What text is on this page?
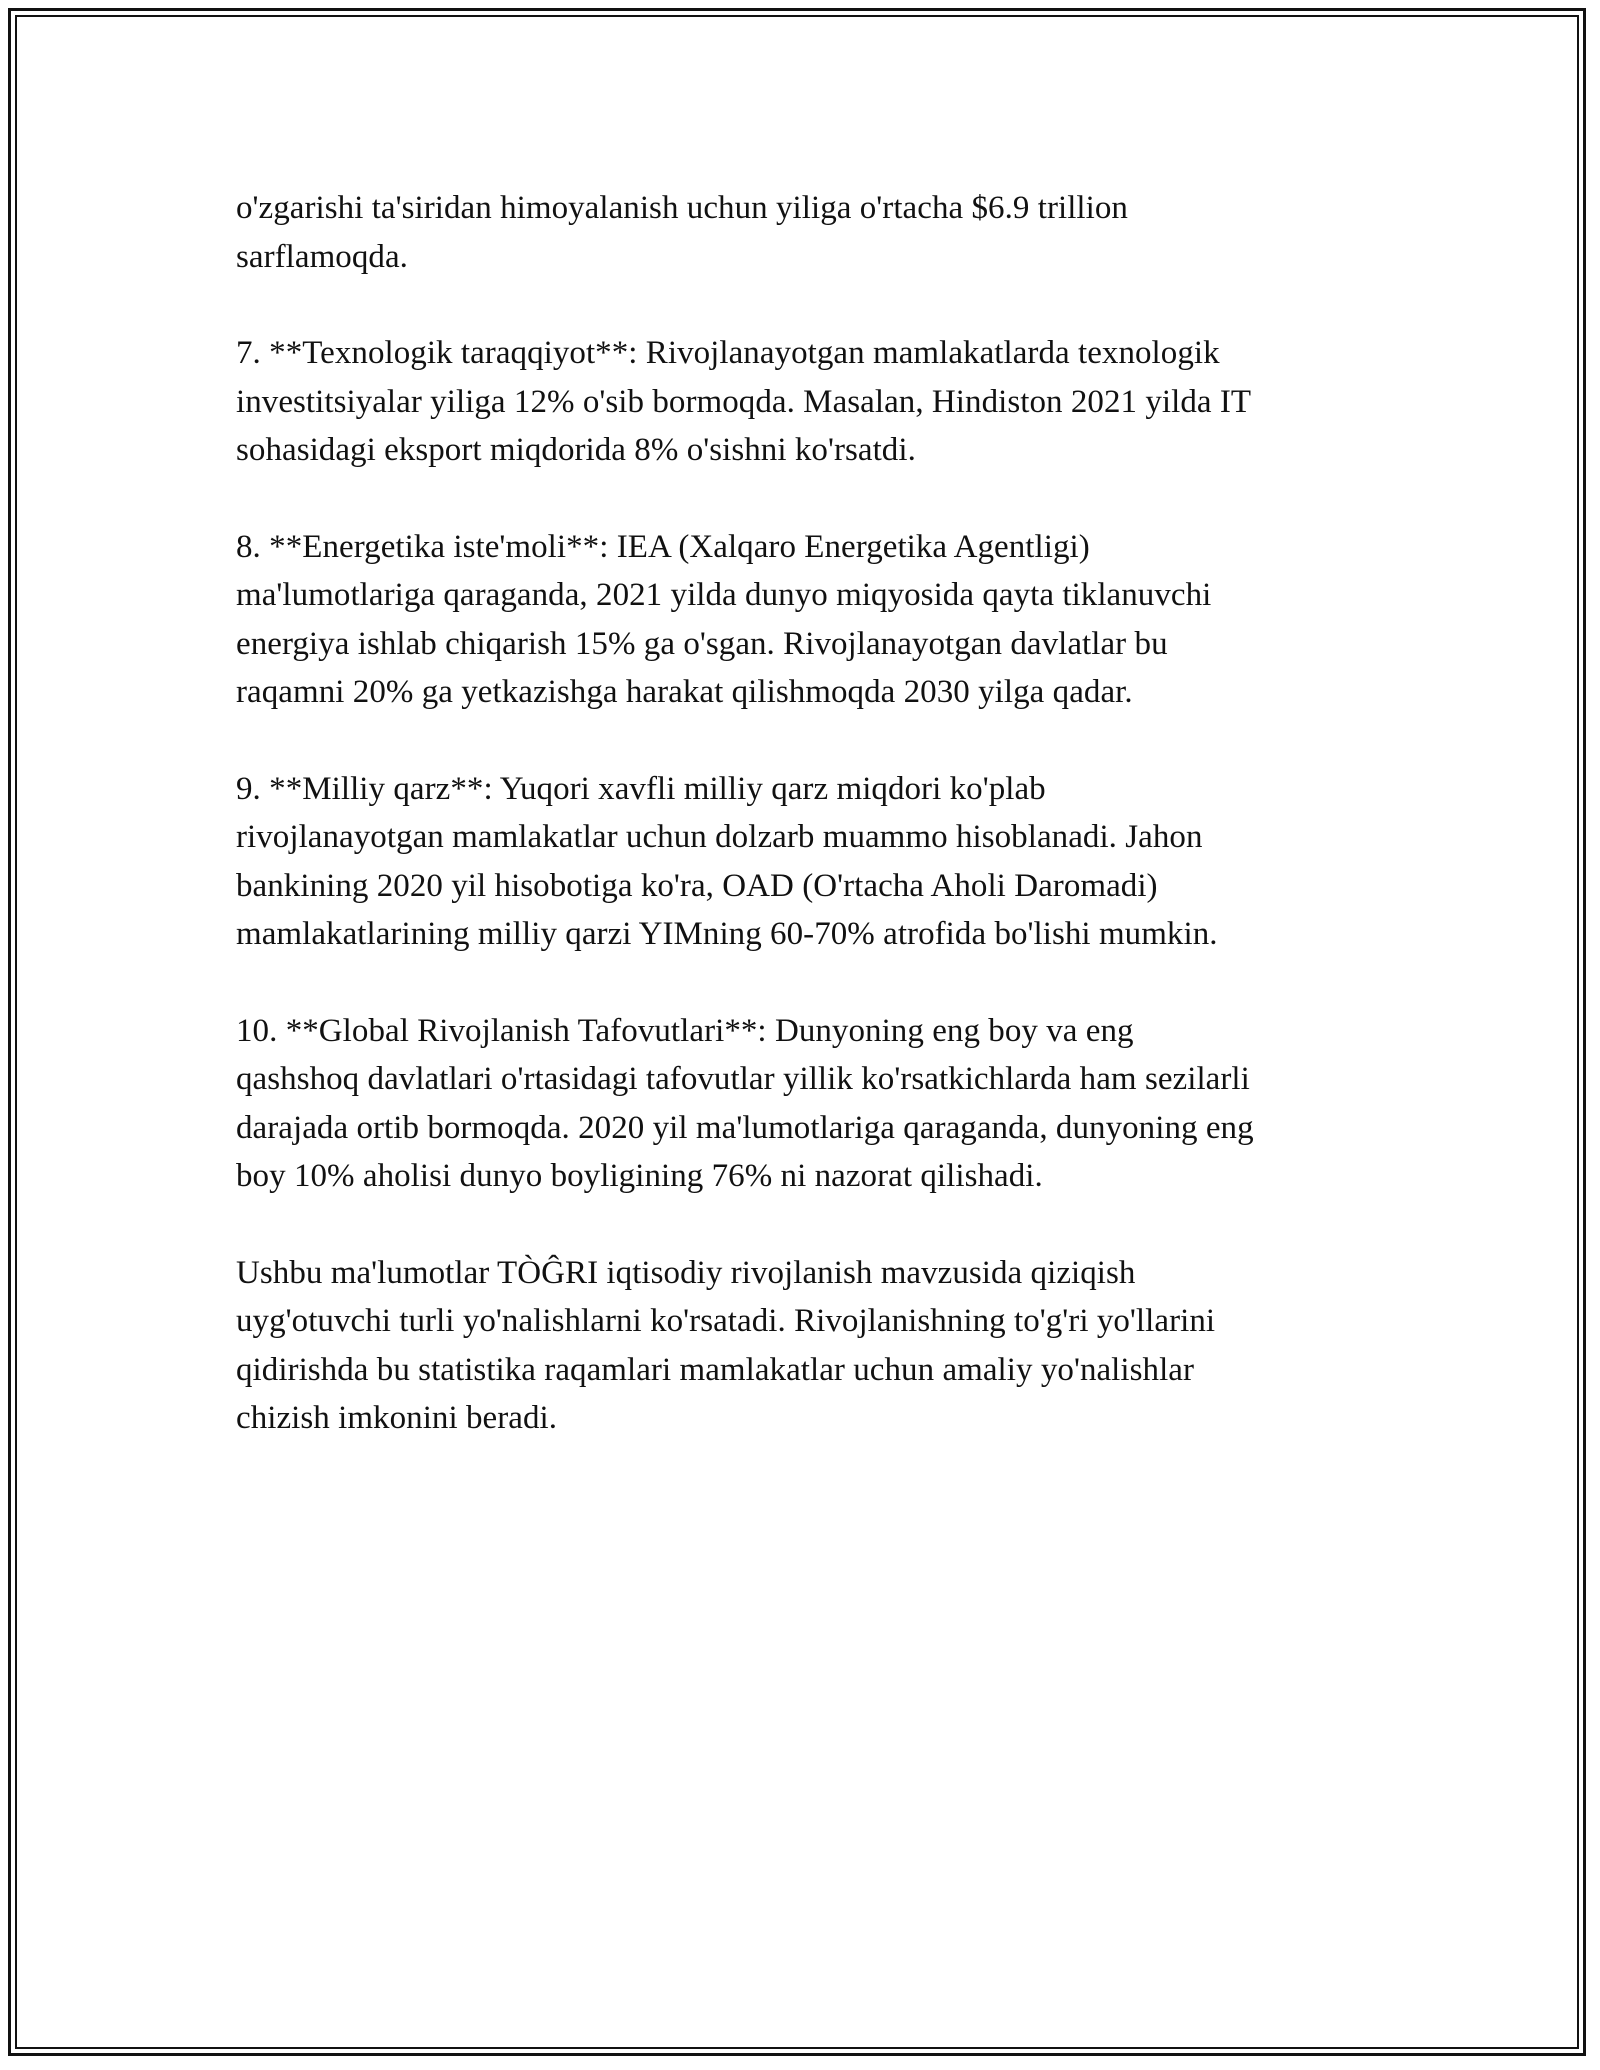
o'zgarishi ta'siridan himoyalanish uchun yiliga o'rtacha $6.9 trillion
sarflamoqda.

7. **Texnologik taraqqiyot**: Rivojlanayotgan mamlakatlarda texnologik
investitsiyalar yiliga 12% o'sib bormoqda. Masalan, Hindiston 2021 yilda IT
sohasidagi eksport miqdorida 8% o'sishni ko'rsatdi.

8. **Energetika iste'moli**: IEA (Xalqaro Energetika Agentligi)
ma'lumotlariga qaraganda, 2021 yilda dunyo miqyosida qayta tiklanuvchi
energiya ishlab chiqarish 15% ga o'sgan. Rivojlanayotgan davlatlar bu
raqamni 20% ga yetkazishga harakat qilishmoqda 2030 yilga qadar.

9. **Milliy qarz**: Yuqori xavfli milliy qarz miqdori ko'plab
rivojlanayotgan mamlakatlar uchun dolzarb muammo hisoblanadi. Jahon
bankining 2020 yil hisobotiga ko'ra, OAD (O'rtacha Aholi Daromadi)
mamlakatlarining milliy qarzi YIMning 60-70% atrofida bo'lishi mumkin.

10. **Global Rivojlanish Tafovutlari**: Dunyoning eng boy va eng
qashshoq davlatlari o'rtasidagi tafovutlar yillik ko'rsatkichlarda ham sezilarli
darajada ortib bormoqda. 2020 yil ma'lumotlariga qaraganda, dunyoning eng
boy 10% aholisi dunyo boyligining 76% ni nazorat qilishadi.

Ushbu ma'lumotlar TÒĜRI iqtisodiy rivojlanish mavzusida qiziqish
uyg'otuvchi turli yo'nalishlarni ko'rsatadi. Rivojlanishning to'g'ri yo'llarini
qidirishda bu statistika raqamlari mamlakatlar uchun amaliy yo'nalishlar
chizish imkonini beradi.
